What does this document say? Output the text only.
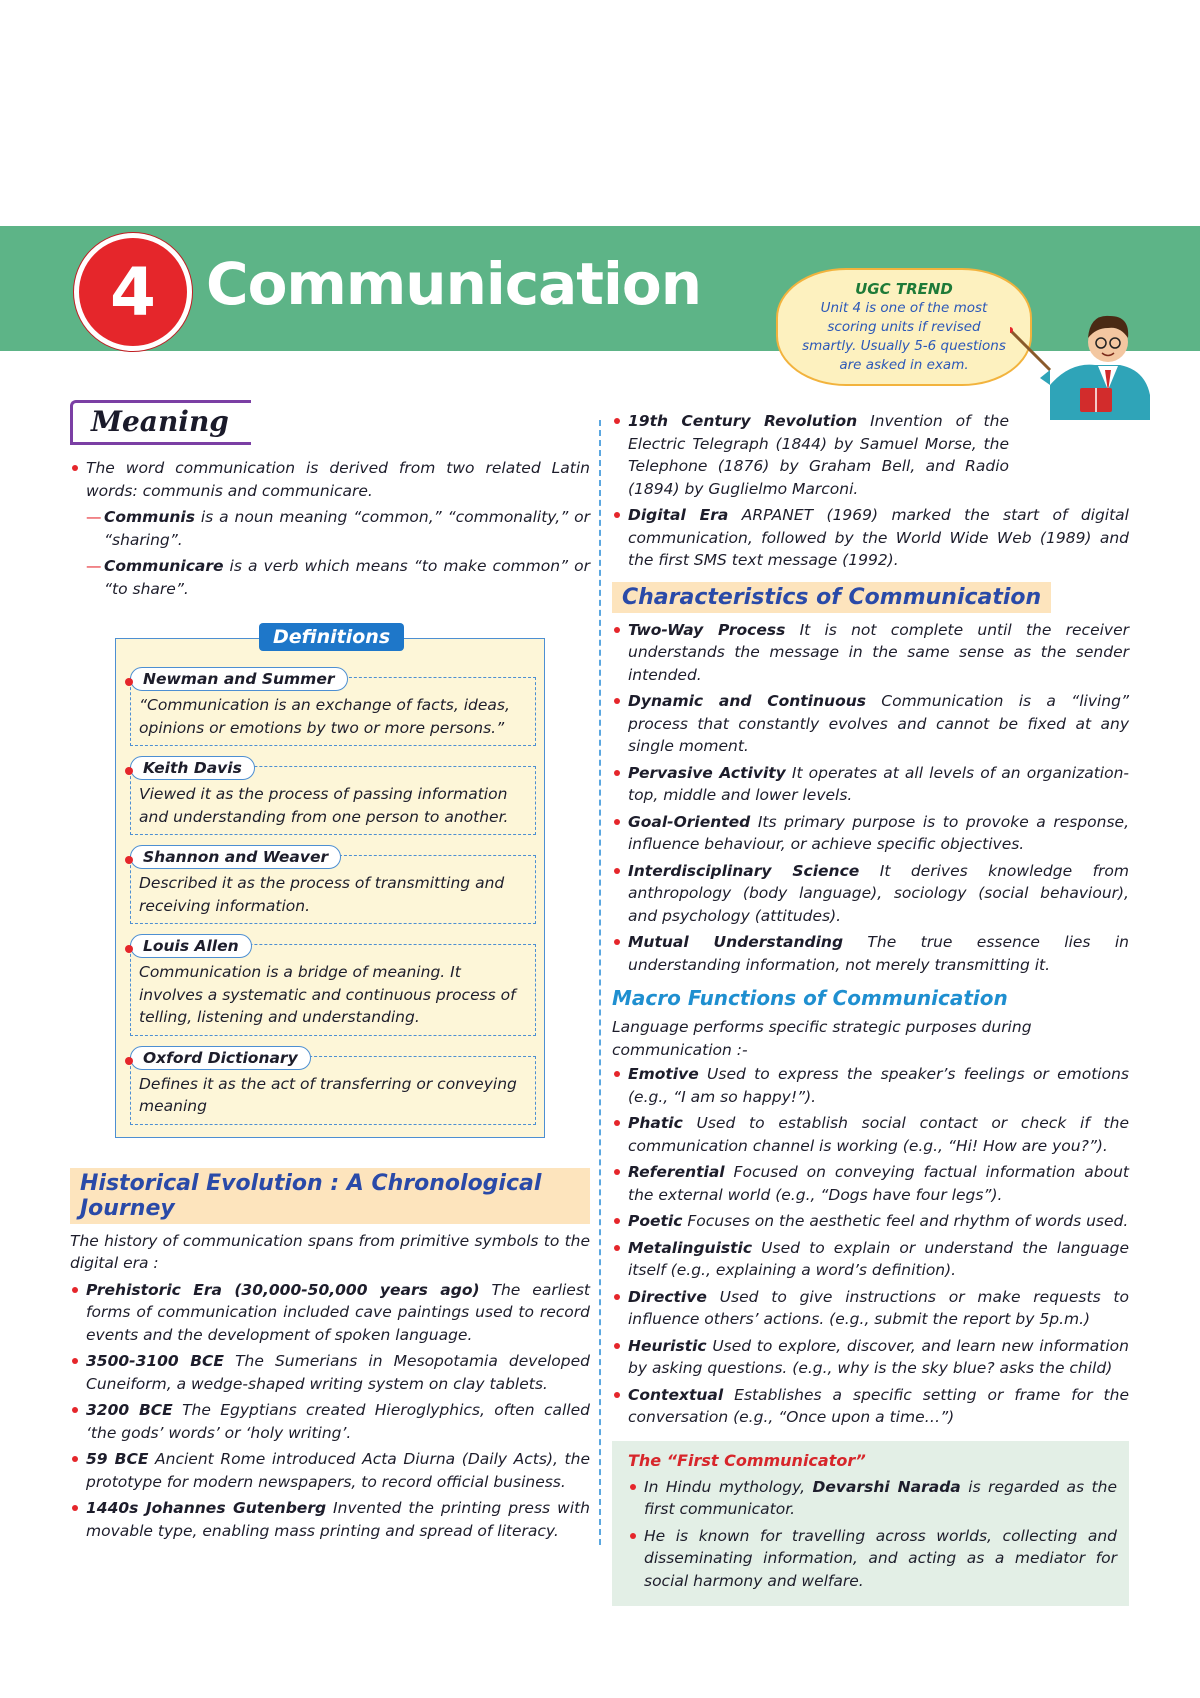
4 Communication	UGC TREND
Unit 4 is one of the most scoring units if revised smartly. Usually 5-6 questions are asked in exam.
Meaning
The word communication is derived from two related Latin words: communis and communicare.
— Communis is a noun meaning “common,” “commonality,” or “sharing”.
— Communicare is a verb which means “to make common” or “to share”.
Definitions
Newman and Summer
“Communication is an exchange of facts, ideas, opinions or emotions by two or more persons.”
Keith Davis
Viewed it as the process of passing information and understanding from one person to another.
Shannon and Weaver
Described it as the process of transmitting and receiving information.
Louis Allen
Communication is a bridge of meaning. It involves a systematic and continuous process of telling, listening and understanding.
Oxford Dictionary
Defines it as the act of transferring or conveying meaning
Historical Evolution : A Chronological Journey
The history of communication spans from primitive symbols to the digital era :
Prehistoric Era (30,000-50,000 years ago) The earliest forms of communication included cave paintings used to record events and the development of spoken language.
3500-3100 BCE The Sumerians in Mesopotamia developed Cuneiform, a wedge-shaped writing system on clay tablets.
3200 BCE The Egyptians created Hieroglyphics, often called ‘the gods’ words’ or ‘holy writing’.
59 BCE Ancient Rome introduced Acta Diurna (Daily Acts), the prototype for modern newspapers, to record official business.
1440s Johannes Gutenberg Invented the printing press with movable type, enabling mass printing and spread of literacy.
19th Century Revolution Invention of the Electric Telegraph (1844) by Samuel Morse, the Telephone (1876) by Graham Bell, and Radio (1894) by Guglielmo Marconi.
Digital Era ARPANET (1969) marked the start of digital communication, followed by the World Wide Web (1989) and the first SMS text message (1992).
Characteristics of Communication
Two-Way Process It is not complete until the receiver understands the message in the same sense as the sender intended.
Dynamic and Continuous Communication is a “living” process that constantly evolves and cannot be fixed at any single moment.
Pervasive Activity It operates at all levels of an organization-top, middle and lower levels.
Goal-Oriented Its primary purpose is to provoke a response, influence behaviour, or achieve specific objectives.
Interdisciplinary Science It derives knowledge from anthropology (body language), sociology (social behaviour), and psychology (attitudes).
Mutual Understanding The true essence lies in understanding information, not merely transmitting it.
Macro Functions of Communication
Language performs specific strategic purposes during communication :-
Emotive Used to express the speaker’s feelings or emotions (e.g., “I am so happy!”).
Phatic Used to establish social contact or check if the communication channel is working (e.g., “Hi! How are you?”).
Referential Focused on conveying factual information about the external world (e.g., “Dogs have four legs”).
Poetic Focuses on the aesthetic feel and rhythm of words used.
Metalinguistic Used to explain or understand the language itself (e.g., explaining a word’s definition).
Directive Used to give instructions or make requests to influence others’ actions. (e.g., submit the report by 5p.m.)
Heuristic Used to explore, discover, and learn new information by asking questions. (e.g., why is the sky blue? asks the child)
Contextual Establishes a specific setting or frame for the conversation (e.g., “Once upon a time…”)
The “First Communicator”
In Hindu mythology, Devarshi Narada is regarded as the first communicator.
He is known for travelling across worlds, collecting and disseminating information, and acting as a mediator for social harmony and welfare.
